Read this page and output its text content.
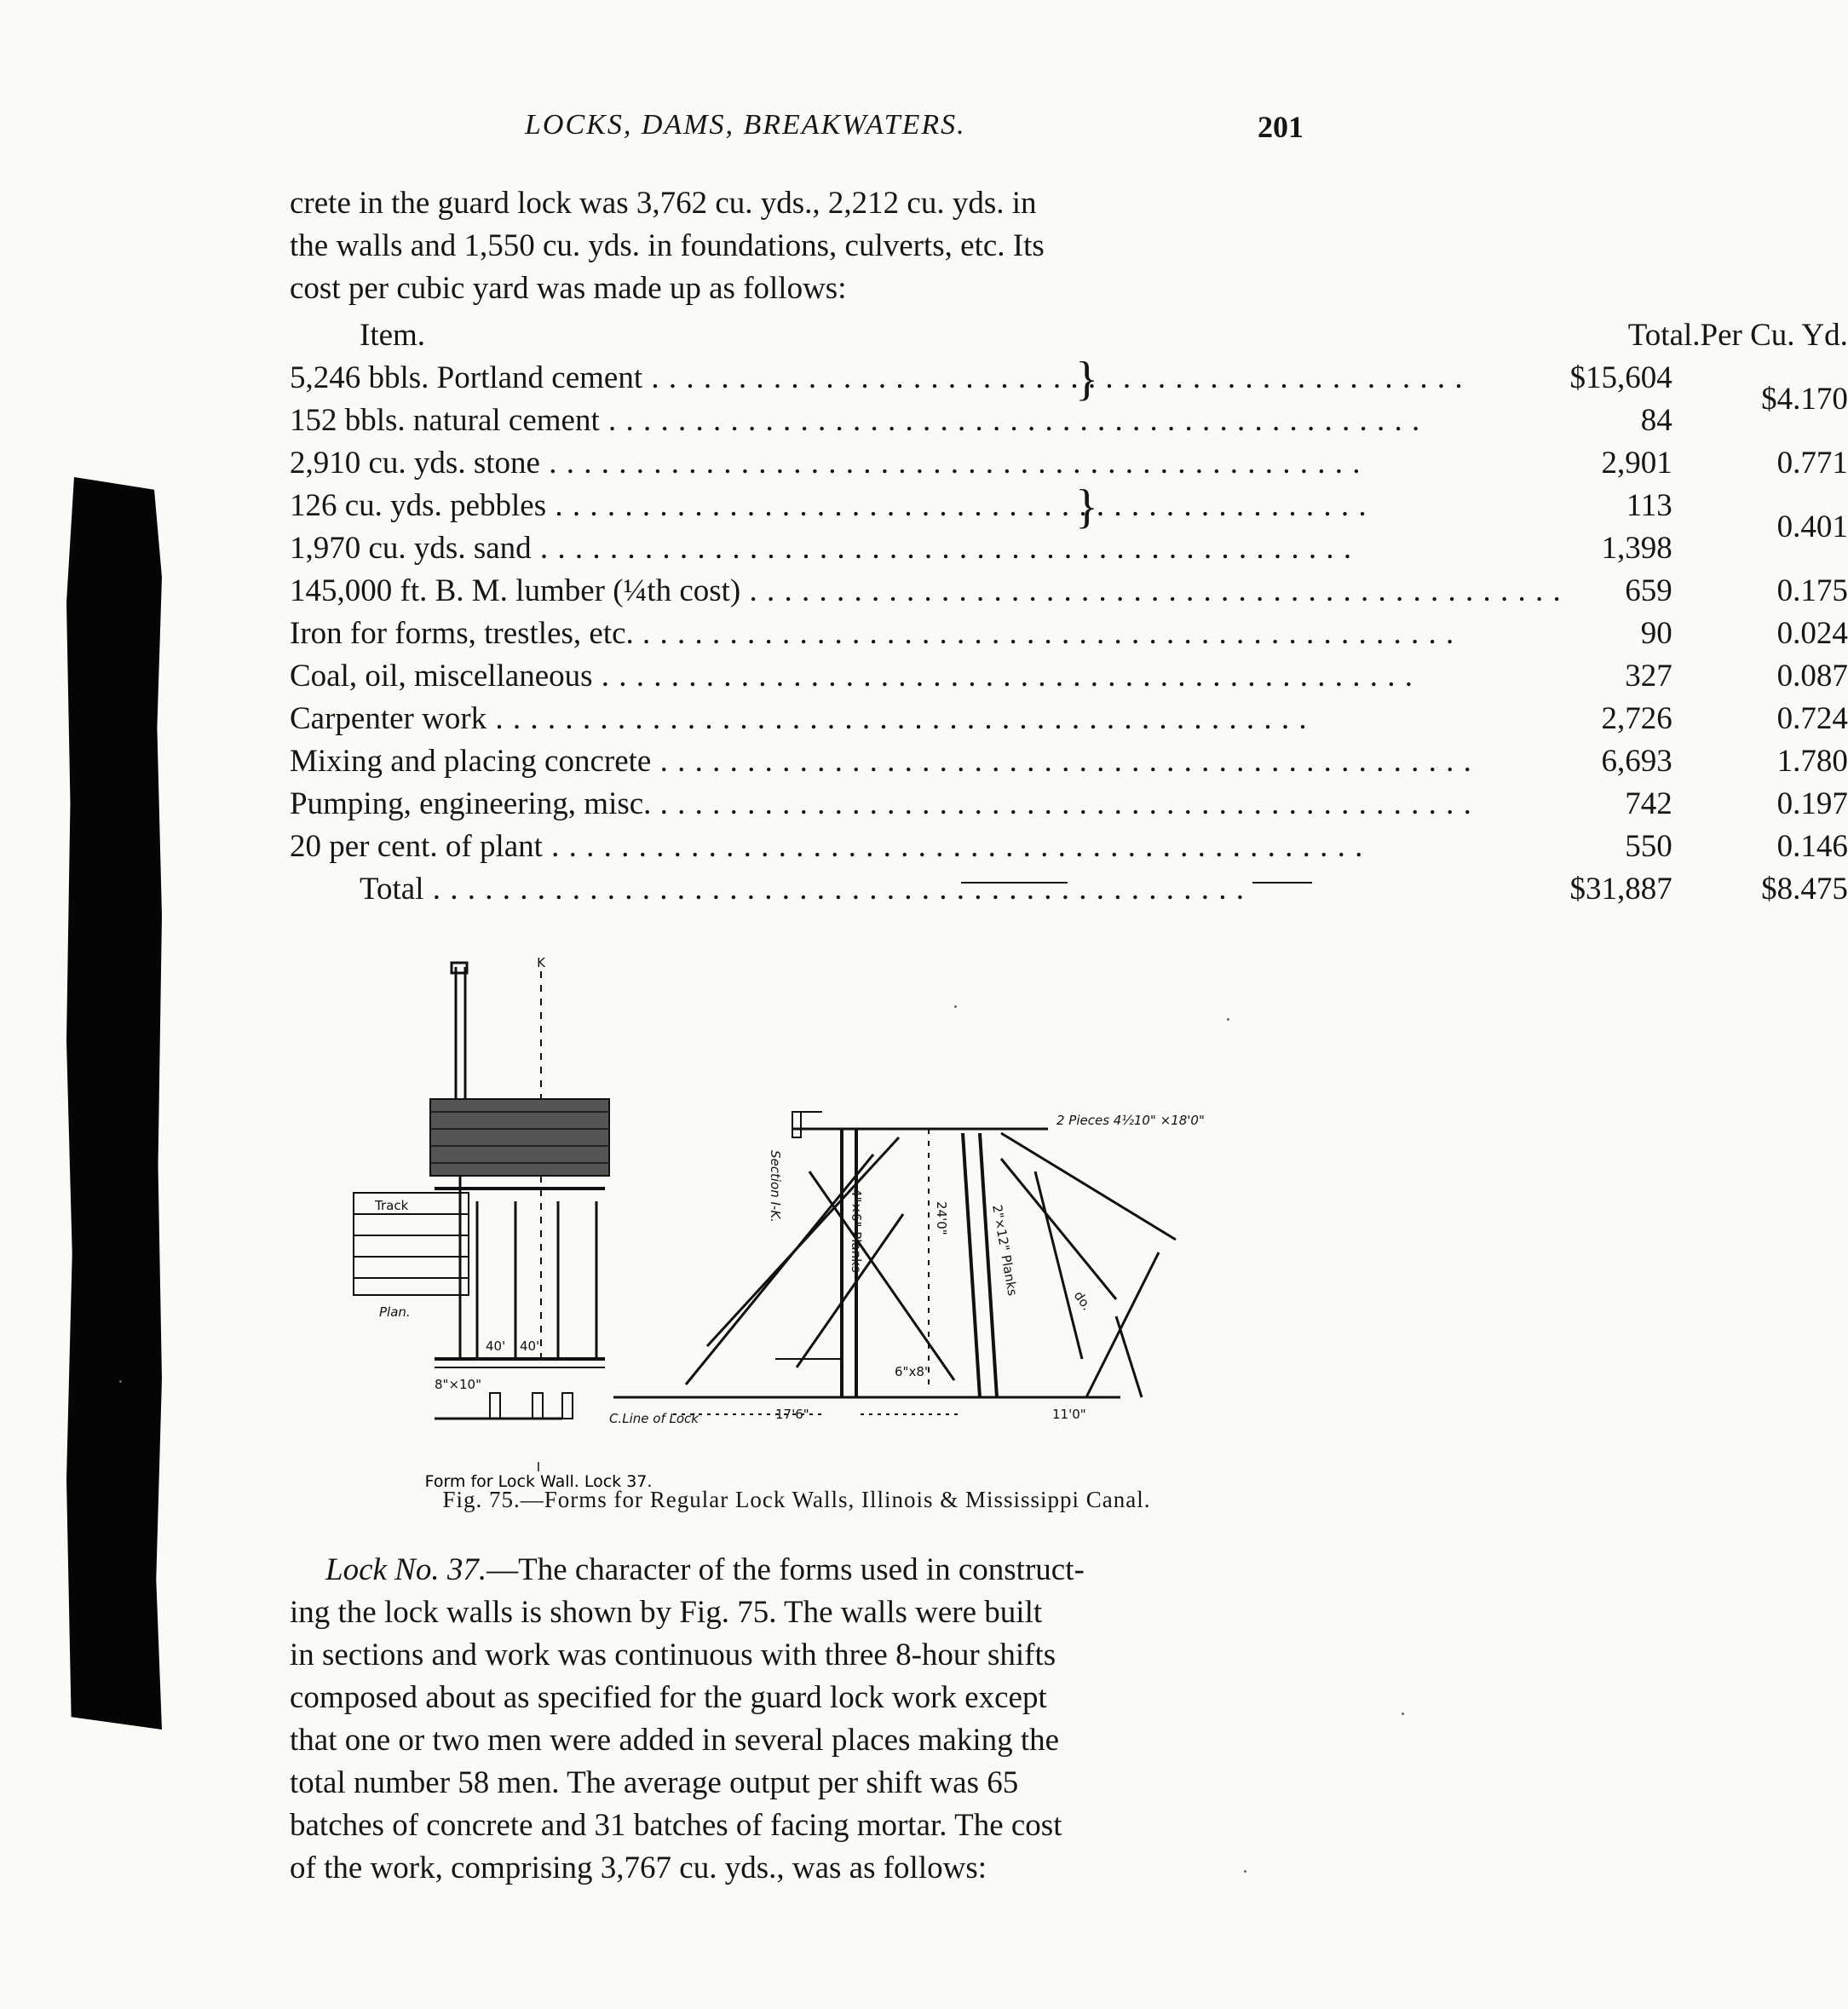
LOCKS, DAMS, BREAKWATERS.	201

crete in the guard lock was 3,762 cu. yds., 2,212 cu. yds. in

the walls and 1,550 cu. yds. in foundations, culverts, etc. Its

cost per cubic yard was made up as follows:

Item.	Total.	Per Cu. Yd.
5,246 bbls. Portland cement . . .	$15,604	$4.170
152 bbls. natural cement . . .	84	
2,910 cu. yds. stone . . .	2,901	0.771
126 cu. yds. pebbles . . .	113	0.401
1,970 cu. yds. sand . . .	1,398	
145,000 ft. B. M. lumber (¼th cost) . . .	659	0.175
Iron for forms, trestles, etc. . . .	90	0.024
Coal, oil, miscellaneous . . .	327	0.087
Carpenter work . . .	2,726	0.724
Mixing and placing concrete . . .	6,693	1.780
Pumping, engineering, misc. . . .	742	0.197
20 per cent. of plant . . .	550	0.146
Total . . .	$31,887	$8.475
}
}
K
I
Track
Plan.
C.Line of Lock
Section I-K.
2 Pieces 4½10" ×18'0"
40' 40'
8"×10"
6"x8"
17'6"	11'0"
4"×6" Planks	24'0"	2"×12" Planks
do.
Form for Lock Wall. Lock 37.
Fig. 75.—Forms for Regular Lock Walls, Illinois & Mississippi Canal.

Lock No. 37.—The character of the forms used in construct-

ing the lock walls is shown by Fig. 75. The walls were built

in sections and work was continuous with three 8-hour shifts

composed about as specified for the guard lock work except

that one or two men were added in several places making the

total number 58 men. The average output per shift was 65

batches of concrete and 31 batches of facing mortar. The cost

of the work, comprising 3,767 cu. yds., was as follows:
